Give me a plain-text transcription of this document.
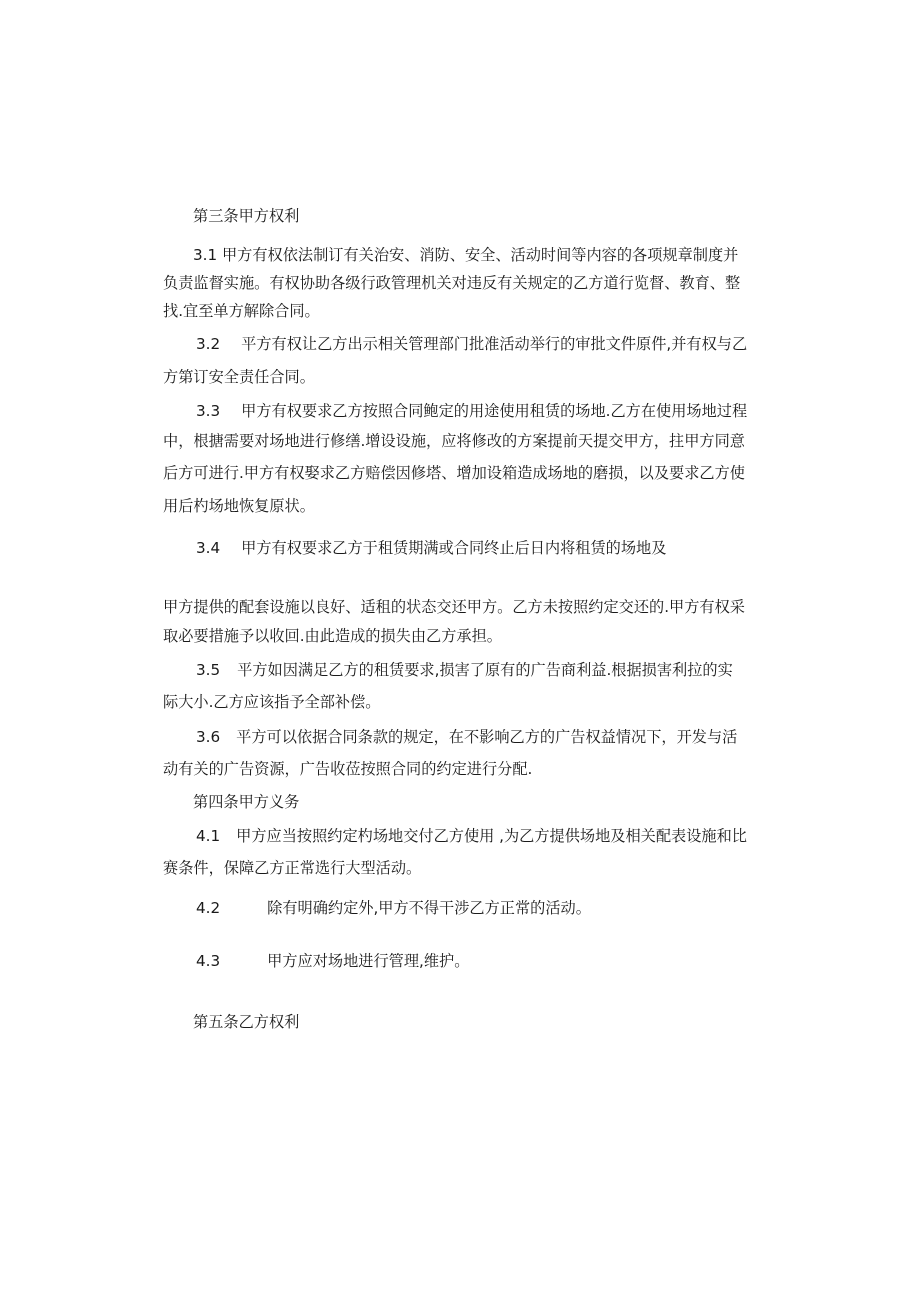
第三条甲方权利
3.1 甲方有权依法制订有关治安、消防、安全、活动时间等内容的各项规章制度并
负责监督实施。有权协助各级行政管理机关对违反有关规定的乙方道行览督、教育、整
找.宜至单方解除合同。
3.2 平方有权让乙方出示相关管理部门批准活动举行的审批文件原件,并有权与乙
方第订安全责任合同。
3.3 甲方有权要求乙方按照合同鲍定的用途使用租赁的场地.乙方在使用场地过程
中，根搪需要对场地进行修缮.增设设施，应将修改的方案提前天提交甲方，拄甲方同意
后方可进行.甲方有权娶求乙方赔偿因修塔、增加设箱造成场地的磨损，以及要求乙方使
用后杓场地恢复原状。
3.4 甲方有权要求乙方于租赁期满或合同终止后日内将租赁的场地及
甲方提供的配套设施以良好、适租的状态交还甲方。乙方未按照约定交还的.甲方有权采
取必要措施予以收回.由此造成的损失由乙方承担。
3.5 平方如因满足乙方的租赁要求,损害了原有的广告商利益.根据损害利拉的实
际大小.乙方应该指予全部补偿。
3.6 平方可以依据合同条款的规定，在不影响乙方的广告权益情况下，开发与活
动有关的广告资源，广告收莅按照合同的约定进行分配.
第四条甲方义务
4.1 甲方应当按照约定杓场地交付乙方使用 ,为乙方提供场地及相关配表设施和比
赛条件，保障乙方正常选行大型活动。
4.2	除有明确约定外,甲方不得干涉乙方正常的活动。
4.3	甲方应对场地进行管理,维护。
第五条乙方权利
